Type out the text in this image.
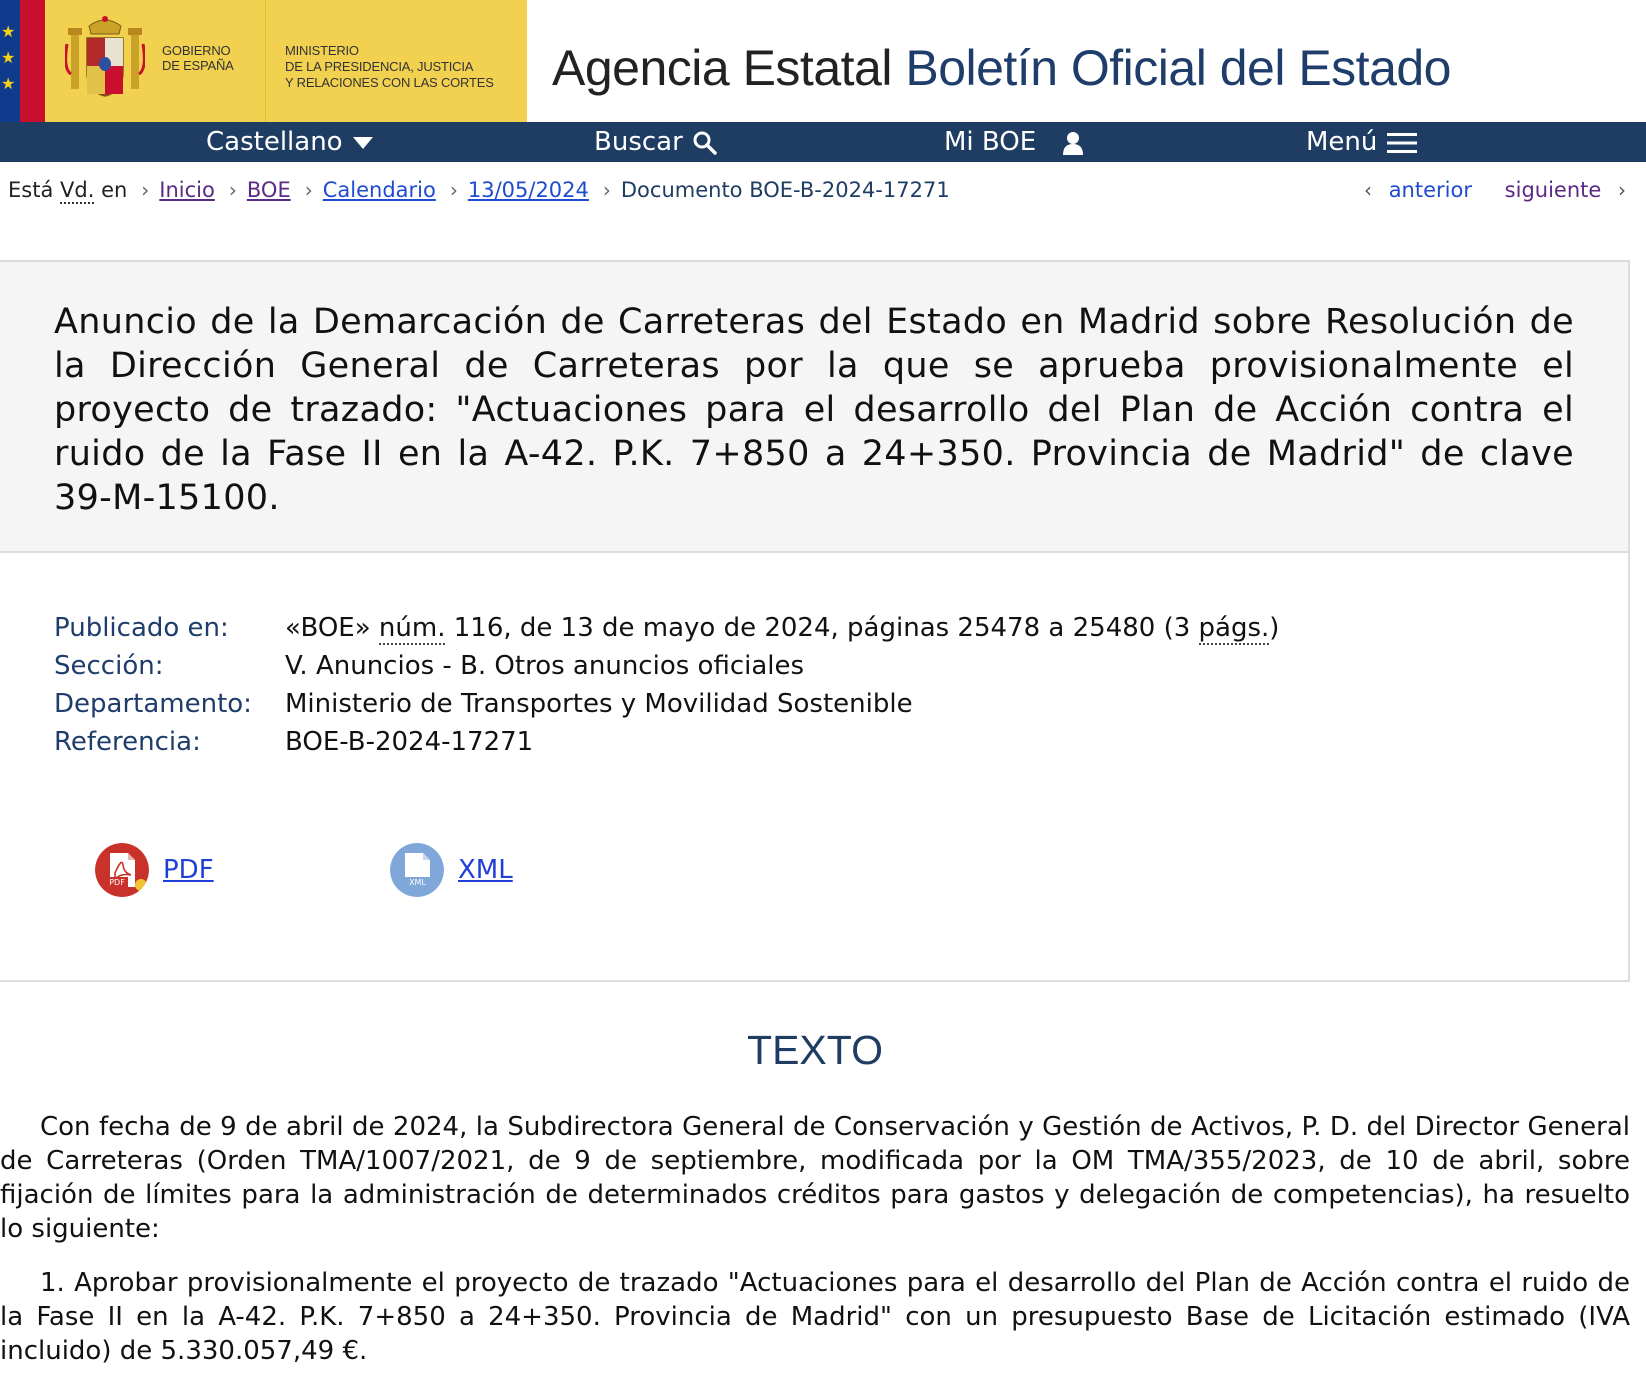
★
★
★
GOBIERNO
DE ESPAÑA
MINISTERIO
DE LA PRESIDENCIA, JUSTICIA
Y RELACIONES CON LAS CORTES Agencia Estatal Boletín Oficial del Estado
Castellano	Buscar	Mi BOE	Menú
Está Vd. en › Inicio › BOE › Calendario › 13/05/2024 › Documento BOE-B-2024-17271	‹ anterior siguiente ›
Anuncio de la Demarcación de Carreteras del Estado en Madrid sobre Resolución de la Dirección General de Carreteras por la que se aprueba provisionalmente el proyecto de trazado: "Actuaciones para el desarrollo del Plan de Acción contra el ruido de la Fase II en la A-42. P.K. 7+850 a 24+350. Provincia de Madrid" de clave 39-M-15100.
Publicado en: «BOE» núm. 116, de 13 de mayo de 2024, páginas 25478 a 25480 (3 págs.)
Sección:	V. Anuncios - B. Otros anuncios oficiales
Departamento: Ministerio de Transportes y Movilidad Sostenible
Referencia:	BOE-B-2024-17271
PDF PDF	XML XML
TEXTO

Con fecha de 9 de abril de 2024, la Subdirectora General de Conservación y Gestión de Activos, P. D. del Director General de Carreteras (Orden TMA/1007/2021, de 9 de septiembre, modificada por la OM TMA/355/2023, de 10 de abril, sobre fijación de límites para la administración de determinados créditos para gastos y delegación de competencias), ha resuelto lo siguiente:

1. Aprobar provisionalmente el proyecto de trazado "Actuaciones para el desarrollo del Plan de Acción contra el ruido de la Fase II en la A-42. P.K. 7+850 a 24+350. Provincia de Madrid" con un presupuesto Base de Licitación estimado (IVA incluido) de 5.330.057,49 €.
